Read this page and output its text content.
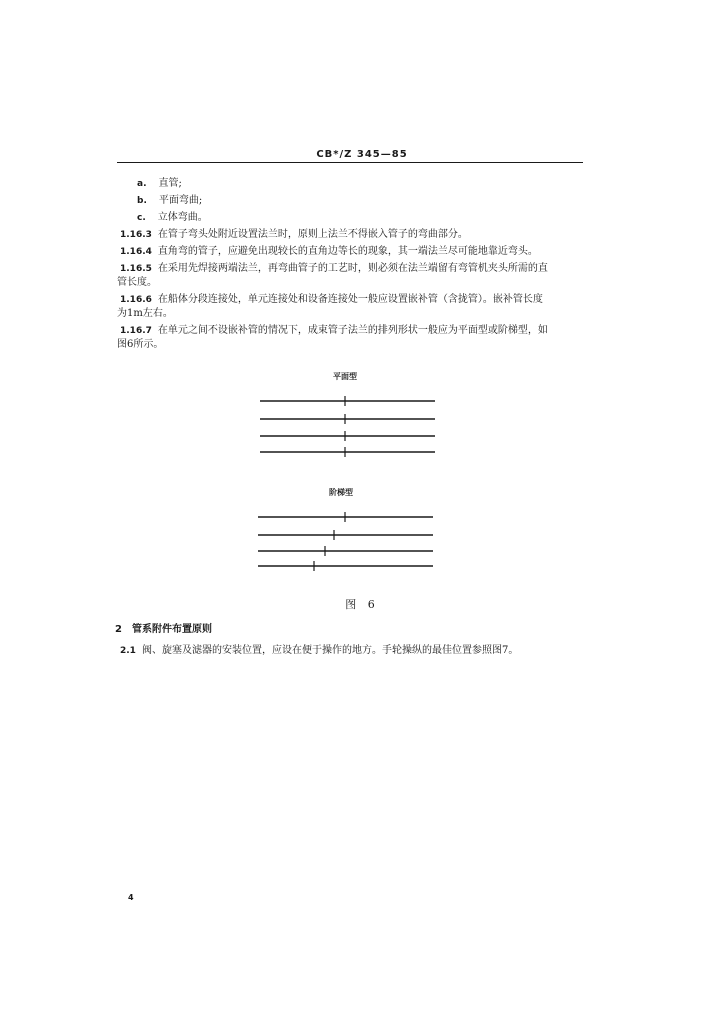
CB*/Z 345—85
a. 直管;
b. 平面弯曲;
c. 立体弯曲。
1.16.3 在管子弯头处附近设置法兰时，原则上法兰不得嵌入管子的弯曲部分。
1.16.4 直角弯的管子，应避免出现较长的直角边等长的现象，其一端法兰尽可能地靠近弯头。
1.16.5 在采用先焊接两端法兰，再弯曲管子的工艺时，则必须在法兰端留有弯管机夹头所需的直
管长度。
1.16.6 在船体分段连接处，单元连接处和设备连接处一般应设置嵌补管（含拢管）。嵌补管长度
为1m左右。
1.16.7 在单元之间不设嵌补管的情况下，成束管子法兰的排列形状一般应为平面型或阶梯型，如
图6所示。
平面型
阶梯型
图 6
2 管系附件布置原则
2.1 阀、旋塞及滤器的安装位置，应设在便于操作的地方。手轮操纵的最佳位置参照图7。
4
